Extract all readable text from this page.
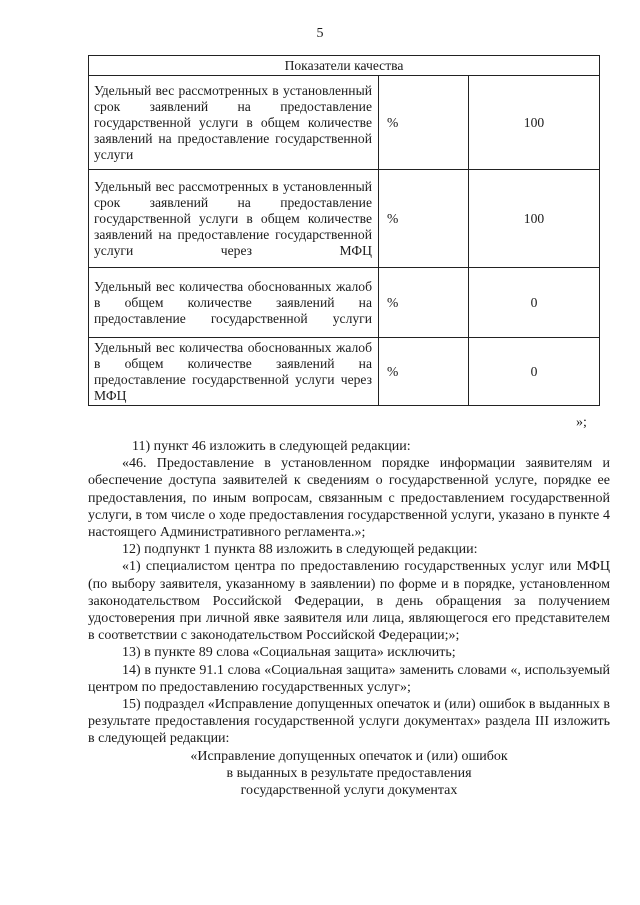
5
Показатели качества		
Удельный вес рассмотренных в установленный срок заявлений на предоставление государственной услуги в общем количестве заявлений на предоставление государственной услуги	%	100
Удельный вес рассмотренных в установленный срок заявлений на предоставление государственной услуги в общем количестве заявлений на предоставление государственной услуги через МФЦ	%	100
Удельный вес количества обоснованных жалоб в общем количестве заявлений на предоставление государственной услуги	%	0
Удельный вес количества обоснованных жалоб в общем количестве заявлений на предоставление государственной услуги через МФЦ	%	0
»;

11) пункт 46 изложить в следующей редакции:

«46. Предоставление в установленном порядке информации заявителям и обеспечение доступа заявителей к сведениям о государственной услуге, порядке ее предоставления, по иным вопросам, связанным с предоставлением государственной услуги, в том числе о ходе предоставления государственной услуги, указано в пункте 4 настоящего Административного регламента.»;

12) подпункт 1 пункта 88 изложить в следующей редакции:

«1) специалистом центра по предоставлению государственных услуг или МФЦ (по выбору заявителя, указанному в заявлении) по форме и в порядке, установленном законодательством Российской Федерации, в день обращения за получением удостоверения при личной явке заявителя или лица, являющегося его представителем в соответствии с законодательством Российской Федерации;»;

13) в пункте 89 слова «Социальная защита» исключить;

14) в пункте 91.1 слова «Социальная защита» заменить словами «, используемый центром по предоставлению государственных услуг»;

15) подраздел «Исправление допущенных опечаток и (или) ошибок в выданных в результате предоставления государственной услуги документах» раздела III изложить в следующей редакции:

«Исправление допущенных опечаток и (или) ошибок

в выданных в результате предоставления

государственной услуги документах
